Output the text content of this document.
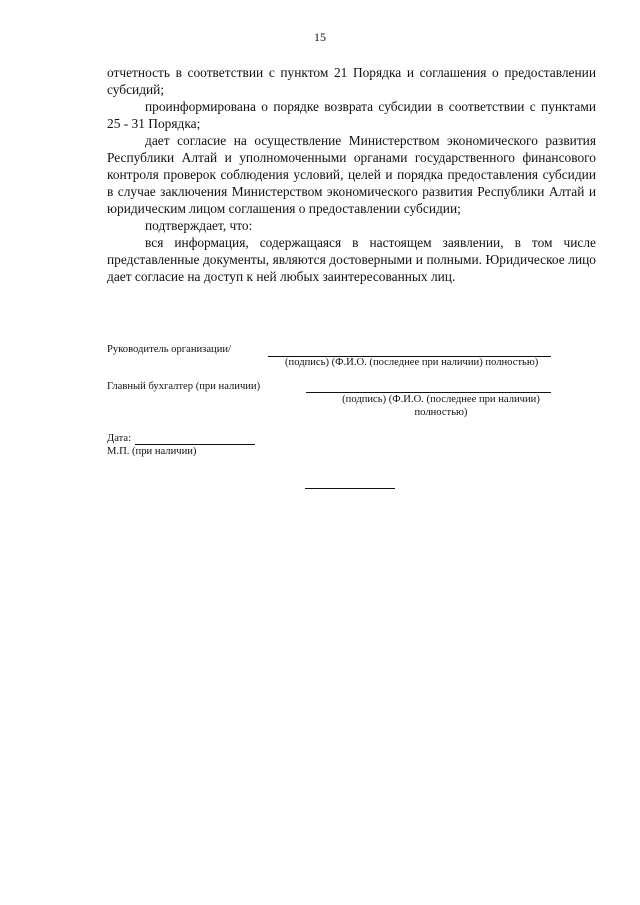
15

отчетность в соответствии с пунктом 21 Порядка и соглашения о предоставлении субсидий;

проинформирована о порядке возврата субсидии в соответствии с пунктами 25 - 31 Порядка;

дает согласие на осуществление Министерством экономического развития Республики Алтай и уполномоченными органами государственного финансового контроля проверок соблюдения условий, целей и порядка предоставления субсидии в случае заключения Министерством экономического развития Республики Алтай и юридическим лицом соглашения о предоставлении субсидии;

подтверждает, что:

вся информация, содержащаяся в настоящем заявлении, в том числе представленные документы, являются достоверными и полными. Юридическое лицо дает согласие на доступ к ней любых заинтересованных лиц.

Руководитель организации/
(подпись) (Ф.И.О. (последнее при наличии) полностью)
Главный бухгалтер (при наличии)
(подпись) (Ф.И.О. (последнее при наличии)
полностью)
Дата:
М.П. (при наличии)
